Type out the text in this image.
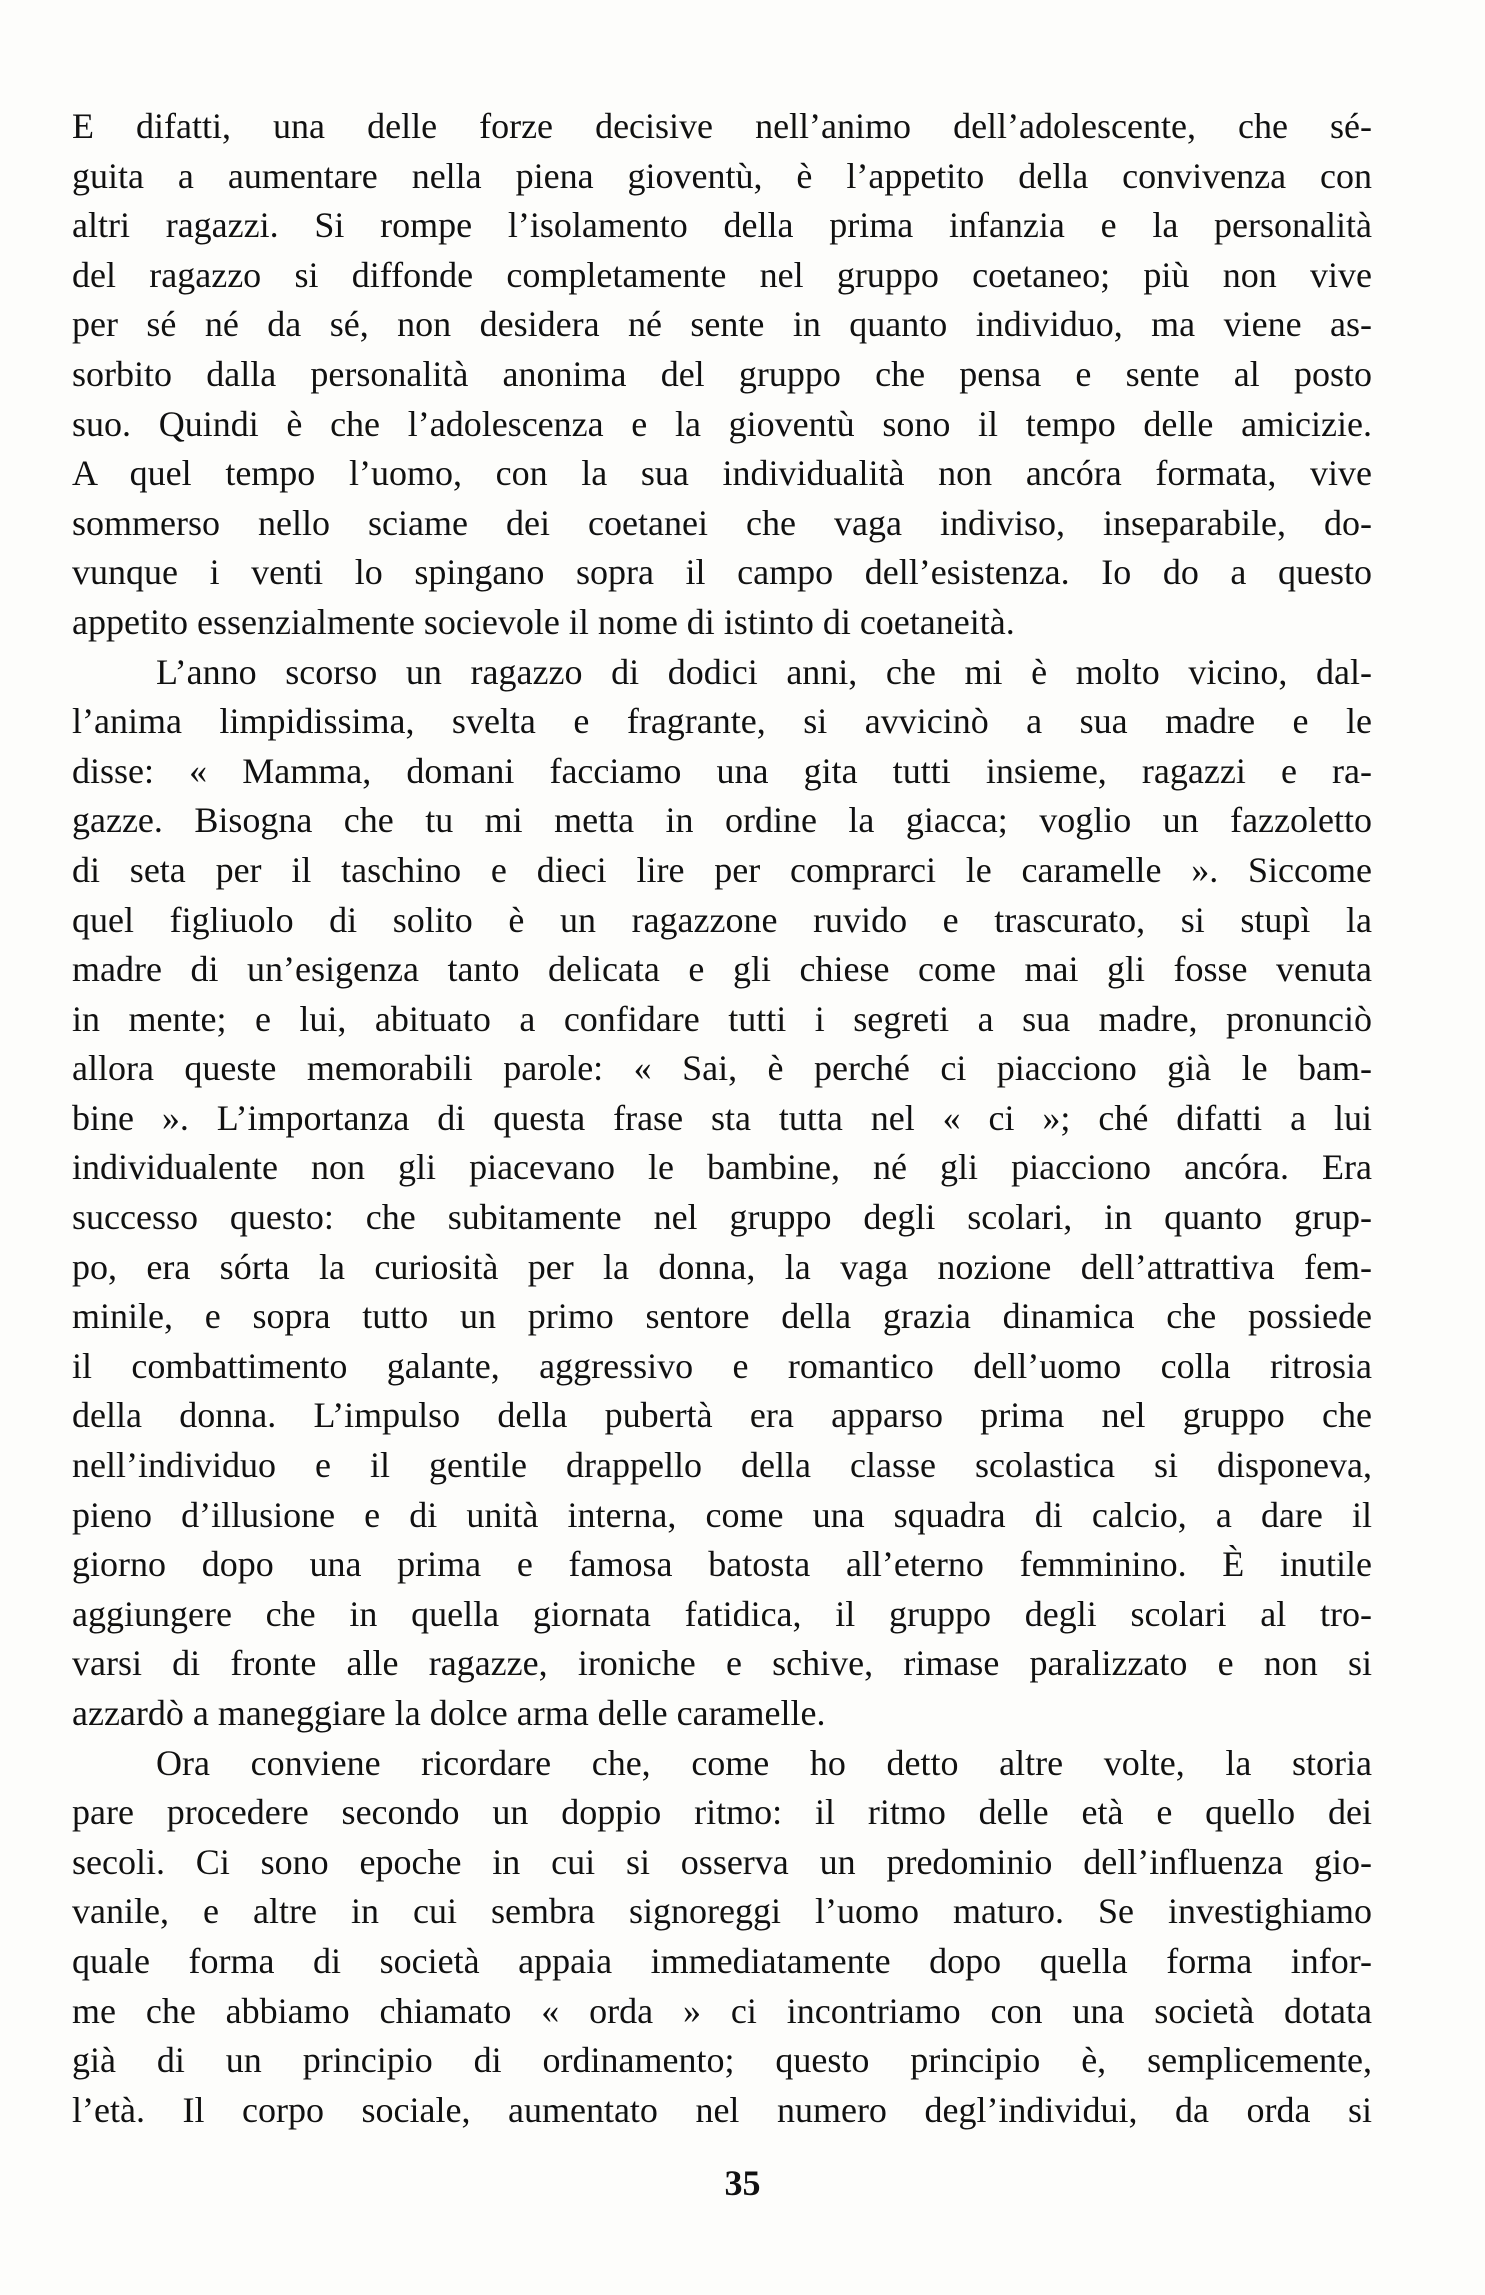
E difatti, una delle forze decisive nell’animo dell’adolescente, che sé-
guita a aumentare nella piena gioventù, è l’appetito della convivenza con
altri ragazzi. Si rompe l’isolamento della prima infanzia e la personalità
del ragazzo si diffonde completamente nel gruppo coetaneo; più non vive
per sé né da sé, non desidera né sente in quanto individuo, ma viene as-
sorbito dalla personalità anonima del gruppo che pensa e sente al posto
suo. Quindi è che l’adolescenza e la gioventù sono il tempo delle amicizie.
A quel tempo l’uomo, con la sua individualità non ancóra formata, vive
sommerso nello sciame dei coetanei che vaga indiviso, inseparabile, do-
vunque i venti lo spingano sopra il campo dell’esistenza. Io do a questo
appetito essenzialmente socievole il nome di istinto di coetaneità.
L’anno scorso un ragazzo di dodici anni, che mi è molto vicino, dal-
l’anima limpidissima, svelta e fragrante, si avvicinò a sua madre e le
disse: « Mamma, domani facciamo una gita tutti insieme, ragazzi e ra-
gazze. Bisogna che tu mi metta in ordine la giacca; voglio un fazzoletto
di seta per il taschino e dieci lire per comprarci le caramelle ». Siccome
quel figliuolo di solito è un ragazzone ruvido e trascurato, si stupì la
madre di un’esigenza tanto delicata e gli chiese come mai gli fosse venuta
in mente; e lui, abituato a confidare tutti i segreti a sua madre, pronunciò
allora queste memorabili parole: « Sai, è perché ci piacciono già le bam-
bine ». L’importanza di questa frase sta tutta nel « ci »; ché difatti a lui
individualente non gli piacevano le bambine, né gli piacciono ancóra. Era
successo questo: che subitamente nel gruppo degli scolari, in quanto grup-
po, era sórta la curiosità per la donna, la vaga nozione dell’attrattiva fem-
minile, e sopra tutto un primo sentore della grazia dinamica che possiede
il combattimento galante, aggressivo e romantico dell’uomo colla ritrosia
della donna. L’impulso della pubertà era apparso prima nel gruppo che
nell’individuo e il gentile drappello della classe scolastica si disponeva,
pieno d’illusione e di unità interna, come una squadra di calcio, a dare il
giorno dopo una prima e famosa batosta all’eterno femminino. È inutile
aggiungere che in quella giornata fatidica, il gruppo degli scolari al tro-
varsi di fronte alle ragazze, ironiche e schive, rimase paralizzato e non si
azzardò a maneggiare la dolce arma delle caramelle.
Ora conviene ricordare che, come ho detto altre volte, la storia
pare procedere secondo un doppio ritmo: il ritmo delle età e quello dei
secoli. Ci sono epoche in cui si osserva un predominio dell’influenza gio-
vanile, e altre in cui sembra signoreggi l’uomo maturo. Se investighiamo
quale forma di società appaia immediatamente dopo quella forma infor-
me che abbiamo chiamato « orda » ci incontriamo con una società dotata
già di un principio di ordinamento; questo principio è, semplicemente,
l’età. Il corpo sociale, aumentato nel numero degl’individui, da orda si
35
